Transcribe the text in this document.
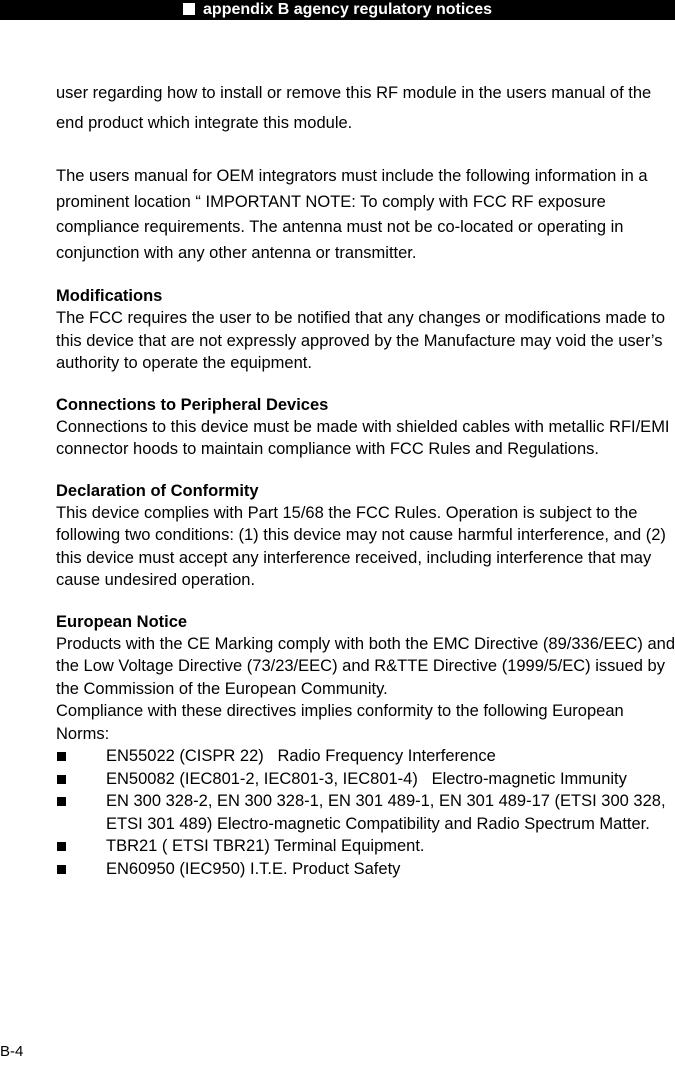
appendix B agency regulatory notices

user regarding how to install or remove this RF module in the users manual of the end product which integrate this module.

The users manual for OEM integrators must include the following information in a prominent location “ IMPORTANT NOTE: To comply with FCC RF exposure compliance requirements. The antenna must not be co-located or operating in conjunction with any other antenna or transmitter.

Modifications

The FCC requires the user to be notified that any changes or modifications made to this device that are not expressly approved by the Manufacture may void the user’s authority to operate the equipment.

Connections to Peripheral Devices

Connections to this device must be made with shielded cables with metallic RFI/EMI connector hoods to maintain compliance with FCC Rules and Regulations.

Declaration of Conformity

This device complies with Part 15/68 the FCC Rules. Operation is subject to the following two conditions: (1) this device may not cause harmful interference, and (2) this device must accept any interference received, including interference that may cause undesired operation.

European Notice

Products with the CE Marking comply with both the EMC Directive (89/336/EEC) and the Low Voltage Directive (73/23/EEC) and R&TTE Directive (1999/5/EC) issued by the Commission of the European Community.

Compliance with these directives implies conformity to the following European Norms:

EN55022 (CISPR 22)   Radio Frequency Interference
EN50082 (IEC801-2, IEC801-3, IEC801-4)   Electro-magnetic Immunity
EN 300 328-2, EN 300 328-1, EN 301 489-1, EN 301 489-17 (ETSI 300 328, ETSI 301 489) Electro-magnetic Compatibility and Radio Spectrum Matter.
TBR21 ( ETSI TBR21) Terminal Equipment.
EN60950 (IEC950) I.T.E. Product Safety
B-4
